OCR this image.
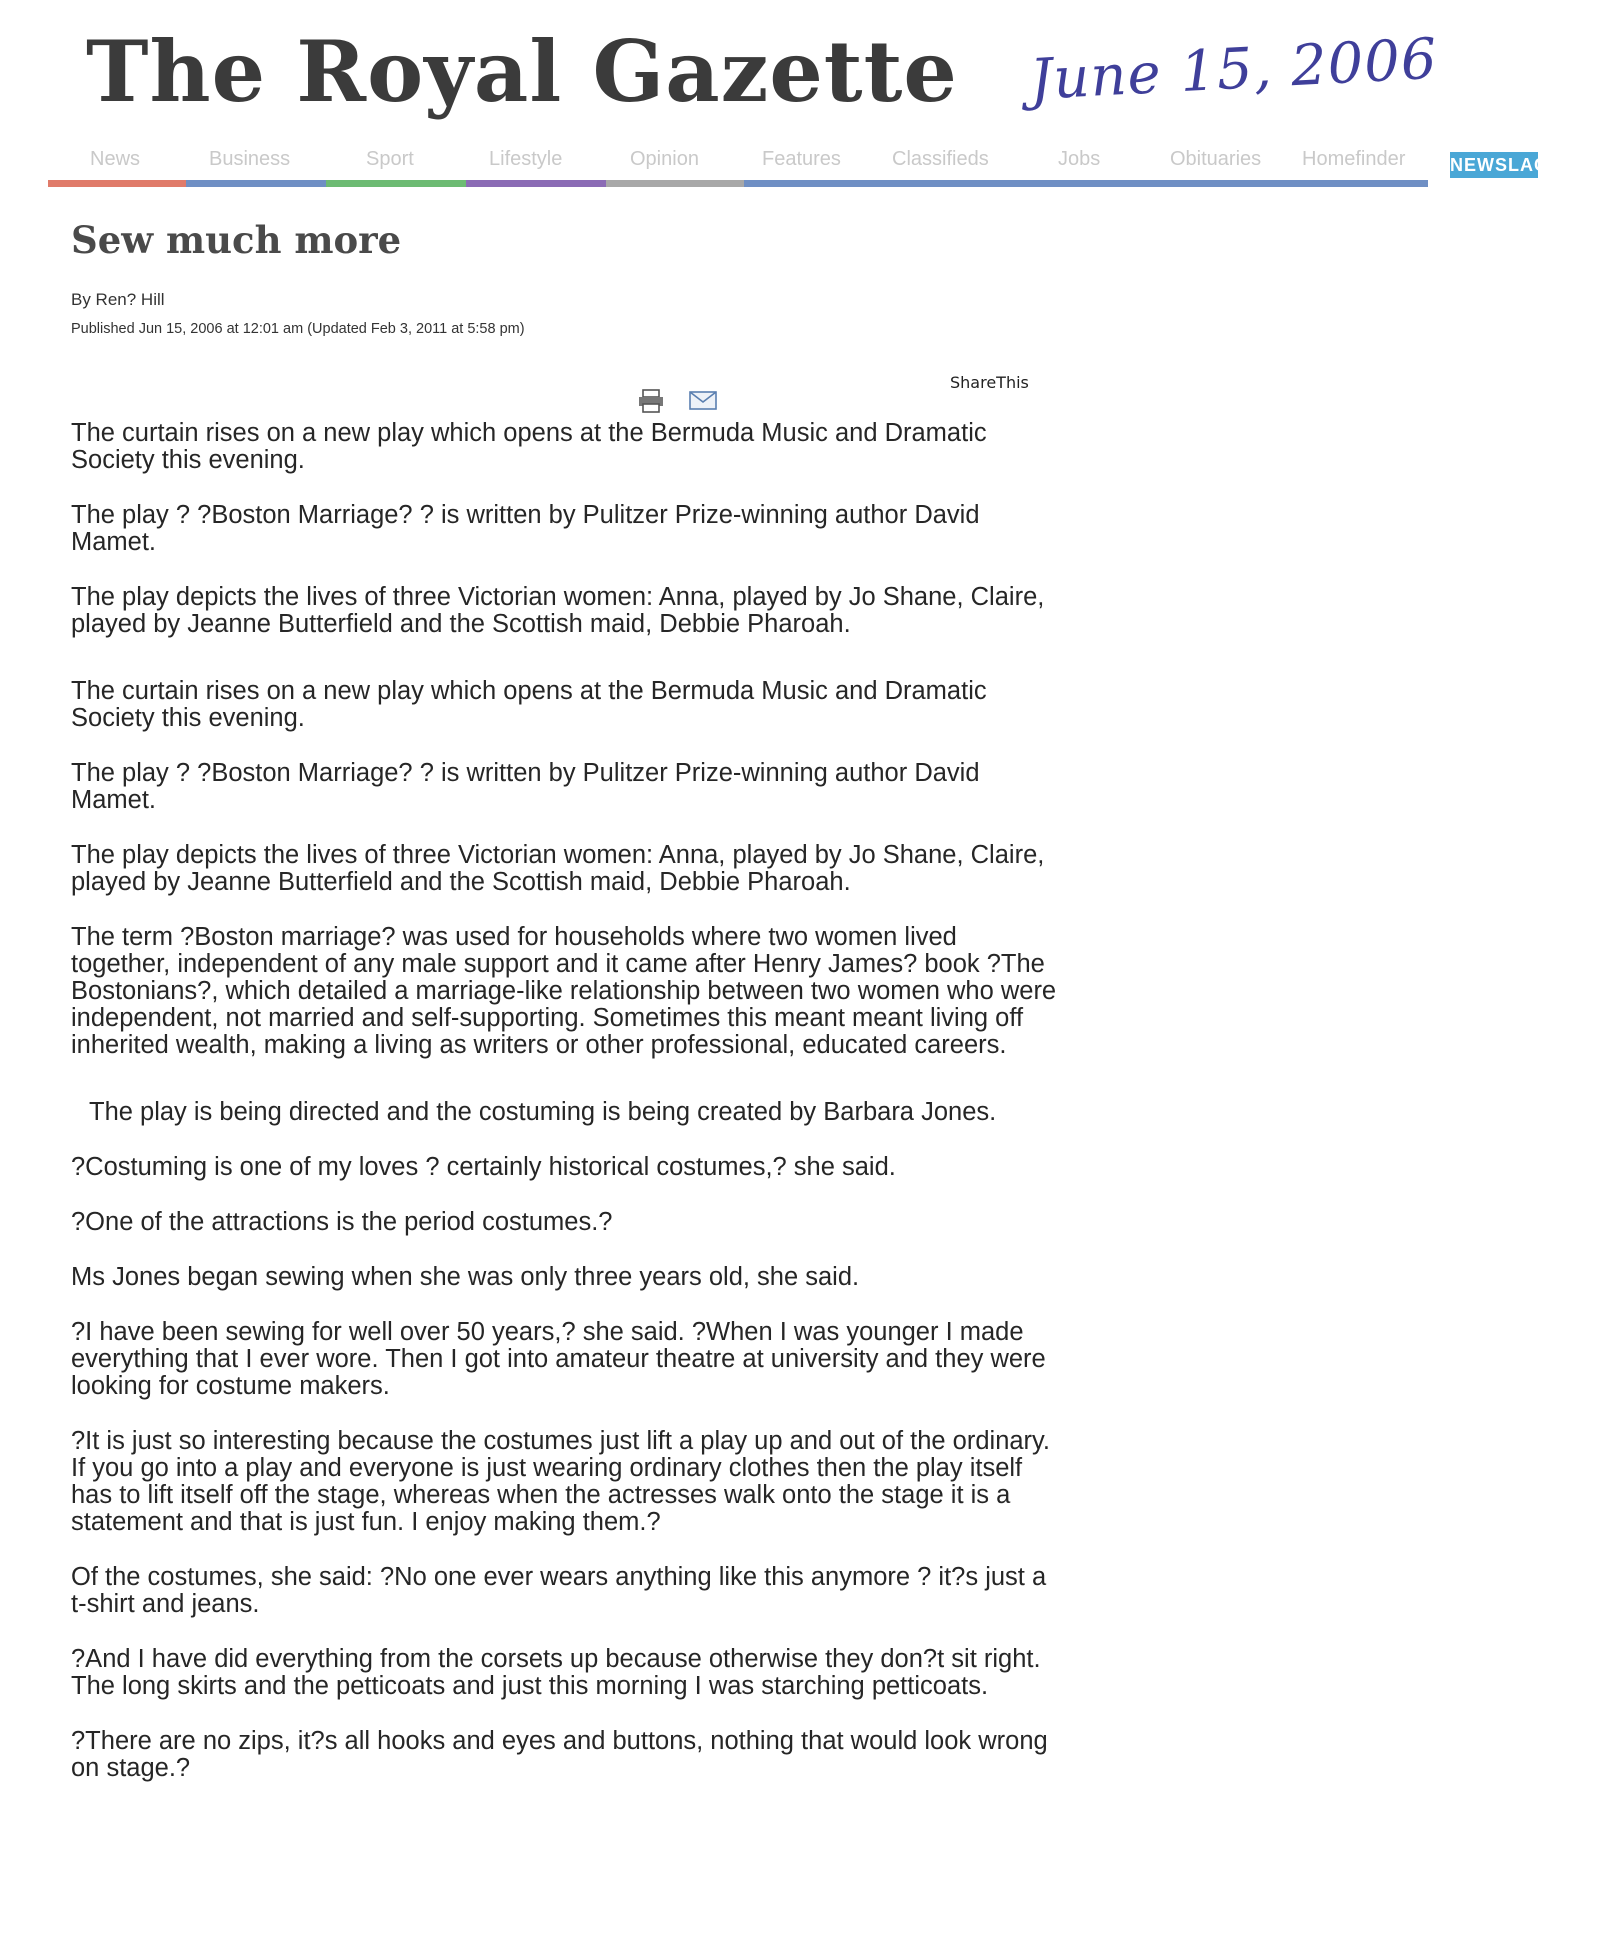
The Royal Gazette June 15, 2006
News	Business	Sport	Lifestyle	Opinion	Features	Classifieds	Jobs	Obituaries Homefinder NEWSLACK
Sew much more
By Ren? Hill
Published Jun 15, 2006 at 12:01 am (Updated Feb 3, 2011 at 5:58 pm)
ShareThis

The curtain rises on a new play which opens at the Bermuda Music and Dramatic Society this evening.

The play ? ?Boston Marriage? ? is written by Pulitzer Prize-winning author David Mamet.

The play depicts the lives of three Victorian women: Anna, played by Jo Shane, Claire, played by Jeanne Butterfield and the Scottish maid, Debbie Pharoah.

The curtain rises on a new play which opens at the Bermuda Music and Dramatic Society this evening.

The play ? ?Boston Marriage? ? is written by Pulitzer Prize-winning author David Mamet.

The play depicts the lives of three Victorian women: Anna, played by Jo Shane, Claire, played by Jeanne Butterfield and the Scottish maid, Debbie Pharoah.

The term ?Boston marriage? was used for households where two women lived together, independent of any male support and it came after Henry James? book ?The Bostonians?, which detailed a marriage-like relationship between two women who were independent, not married and self-supporting. Sometimes this meant meant living off inherited wealth, making a living as writers or other professional, educated careers.

The play is being directed and the costuming is being created by Barbara Jones.

?Costuming is one of my loves ? certainly historical costumes,? she said.

?One of the attractions is the period costumes.?

Ms Jones began sewing when she was only three years old, she said.

?I have been sewing for well over 50 years,? she said. ?When I was younger I made everything that I ever wore. Then I got into amateur theatre at university and they were looking for costume makers.

?It is just so interesting because the costumes just lift a play up and out of the ordinary. If you go into a play and everyone is just wearing ordinary clothes then the play itself has to lift itself off the stage, whereas when the actresses walk onto the stage it is a statement and that is just fun. I enjoy making them.?

Of the costumes, she said: ?No one ever wears anything like this anymore ? it?s just a t-shirt and jeans.

?And I have did everything from the corsets up because otherwise they don?t sit right. The long skirts and the petticoats and just this morning I was starching petticoats.

?There are no zips, it?s all hooks and eyes and buttons, nothing that would look wrong on stage.?
